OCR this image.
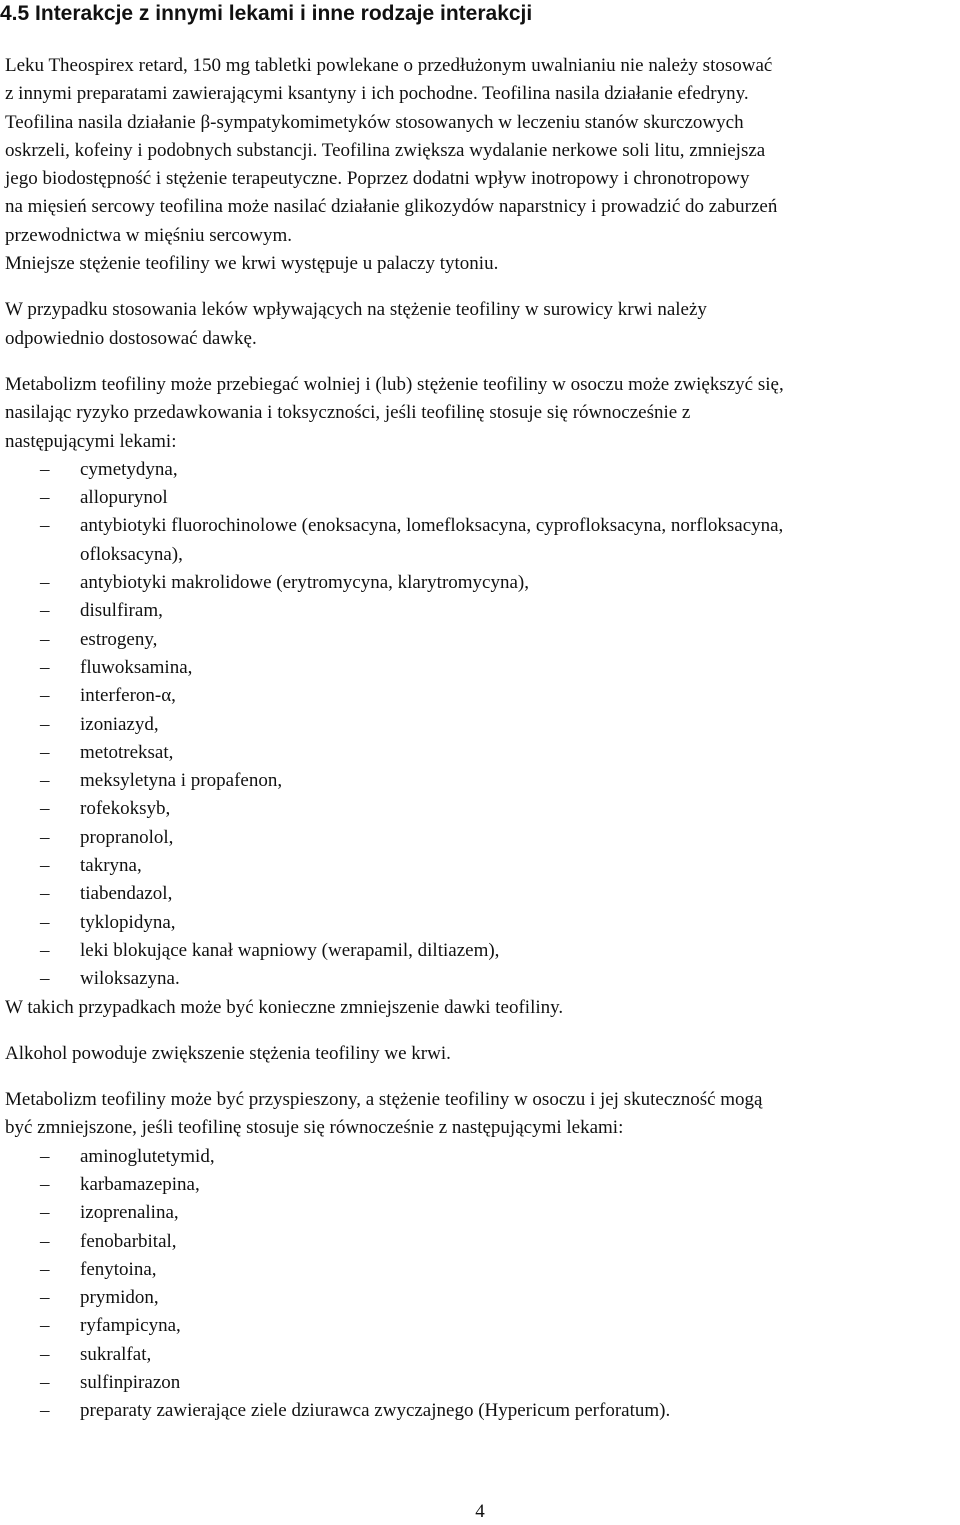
4.5 Interakcje z innymi lekami i inne rodzaje interakcji
Leku Theospirex retard, 150 mg tabletki powlekane o przedłużonym uwalnianiu nie należy stosować
z innymi preparatami zawierającymi ksantyny i ich pochodne. Teofilina nasila działanie efedryny.
Teofilina nasila działanie β-sympatykomimetyków stosowanych w leczeniu stanów skurczowych
oskrzeli, kofeiny i podobnych substancji. Teofilina zwiększa wydalanie nerkowe soli litu, zmniejsza
jego biodostępność i stężenie terapeutyczne. Poprzez dodatni wpływ inotropowy i chronotropowy
na mięsień sercowy teofilina może nasilać działanie glikozydów naparstnicy i prowadzić do zaburzeń
przewodnictwa w mięśniu sercowym.
Mniejsze stężenie teofiliny we krwi występuje u palaczy tytoniu.
W przypadku stosowania leków wpływających na stężenie teofiliny w surowicy krwi należy
odpowiednio dostosować dawkę.
Metabolizm teofiliny może przebiegać wolniej i (lub) stężenie teofiliny w osoczu może zwiększyć się,
nasilając ryzyko przedawkowania i toksyczności, jeśli teofilinę stosuje się równocześnie z
następującymi lekami:
– cymetydyna,
– allopurynol
– antybiotyki fluorochinolowe (enoksacyna, lomefloksacyna, cyprofloksacyna, norfloksacyna,
ofloksacyna),
– antybiotyki makrolidowe (erytromycyna, klarytromycyna),
– disulfiram,
– estrogeny,
– fluwoksamina,
– interferon-α,
– izoniazyd,
– metotreksat,
– meksyletyna i propafenon,
– rofekoksyb,
– propranolol,
– takryna,
– tiabendazol,
– tyklopidyna,
– leki blokujące kanał wapniowy (werapamil, diltiazem),
– wiloksazyna.
W takich przypadkach może być konieczne zmniejszenie dawki teofiliny.
Alkohol powoduje zwiększenie stężenia teofiliny we krwi.
Metabolizm teofiliny może być przyspieszony, a stężenie teofiliny w osoczu i jej skuteczność mogą
być zmniejszone, jeśli teofilinę stosuje się równocześnie z następującymi lekami:
– aminoglutetymid,
– karbamazepina,
– izoprenalina,
– fenobarbital,
– fenytoina,
– prymidon,
– ryfampicyna,
– sukralfat,
– sulfinpirazon
– preparaty zawierające ziele dziurawca zwyczajnego (Hypericum perforatum).
4
